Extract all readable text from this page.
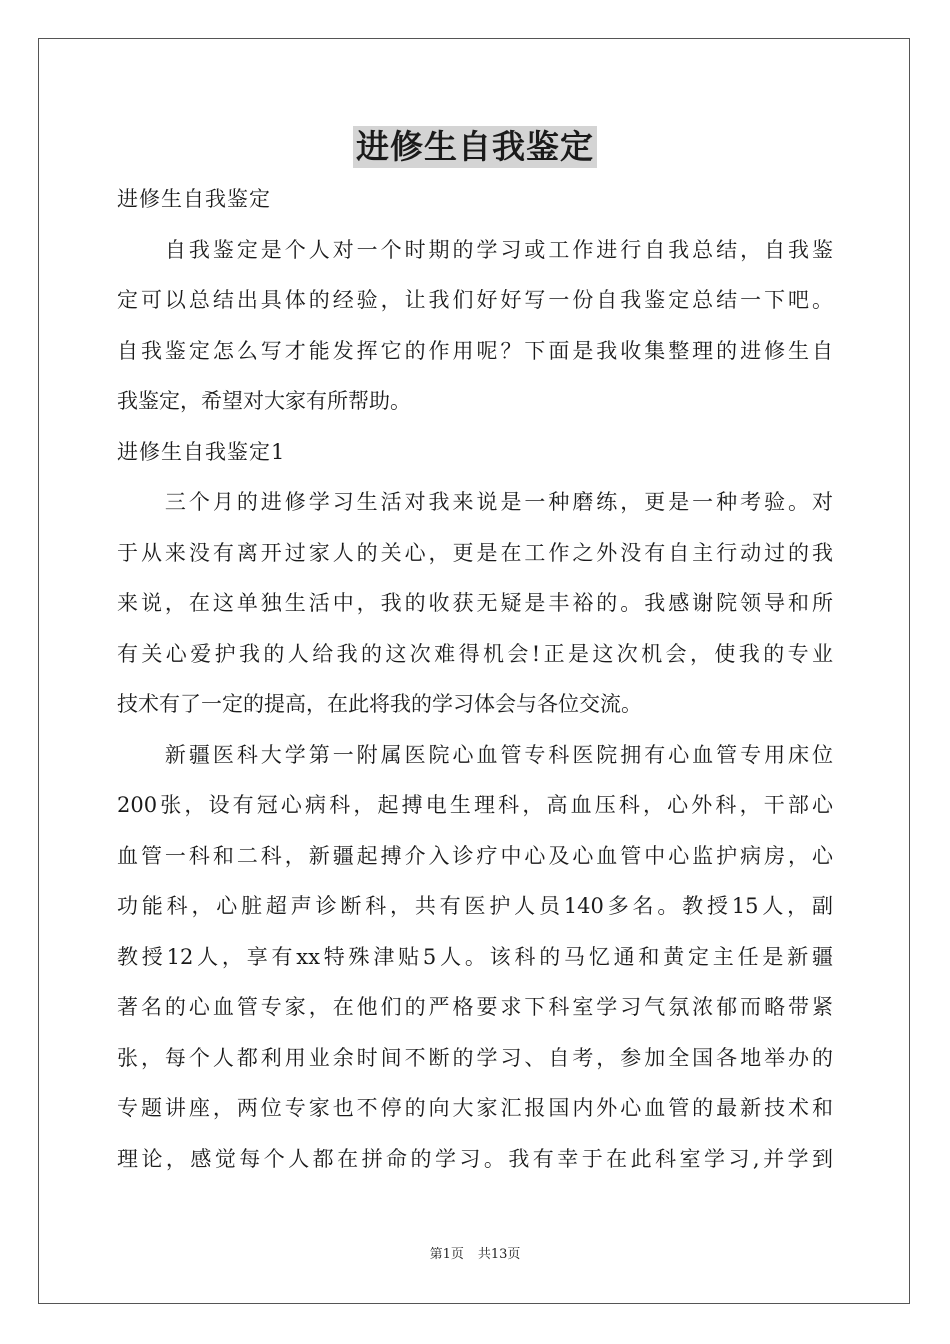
进修生自我鉴定

进修生自我鉴定

　　自我鉴定是个人对一个时期的学习或工作进行自我总结，自我鉴

定可以总结出具体的经验，让我们好好写一份自我鉴定总结一下吧。

自我鉴定怎么写才能发挥它的作用呢？下面是我收集整理的进修生自

我鉴定，希望对大家有所帮助。

进修生自我鉴定1

　　三个月的进修学习生活对我来说是一种磨练，更是一种考验。对

于从来没有离开过家人的关心，更是在工作之外没有自主行动过的我

来说，在这单独生活中，我的收获无疑是丰裕的。我感谢院领导和所

有关心爱护我的人给我的这次难得机会!正是这次机会，使我的专业

技术有了一定的提高，在此将我的学习体会与各位交流。

　　新疆医科大学第一附属医院心血管专科医院拥有心血管专用床位

200张，设有冠心病科，起搏电生理科，高血压科，心外科，干部心

血管一科和二科，新疆起搏介入诊疗中心及心血管中心监护病房，心

功能科，心脏超声诊断科，共有医护人员140多名。教授15人，副

教授12人，享有xx特殊津贴5人。该科的马忆通和黄定主任是新疆

著名的心血管专家，在他们的严格要求下科室学习气氛浓郁而略带紧

张，每个人都利用业余时间不断的学习、自考，参加全国各地举办的

专题讲座，两位专家也不停的向大家汇报国内外心血管的最新技术和

理论，感觉每个人都在拼命的学习。我有幸于在此科室学习,并学到

第1页 共13页
